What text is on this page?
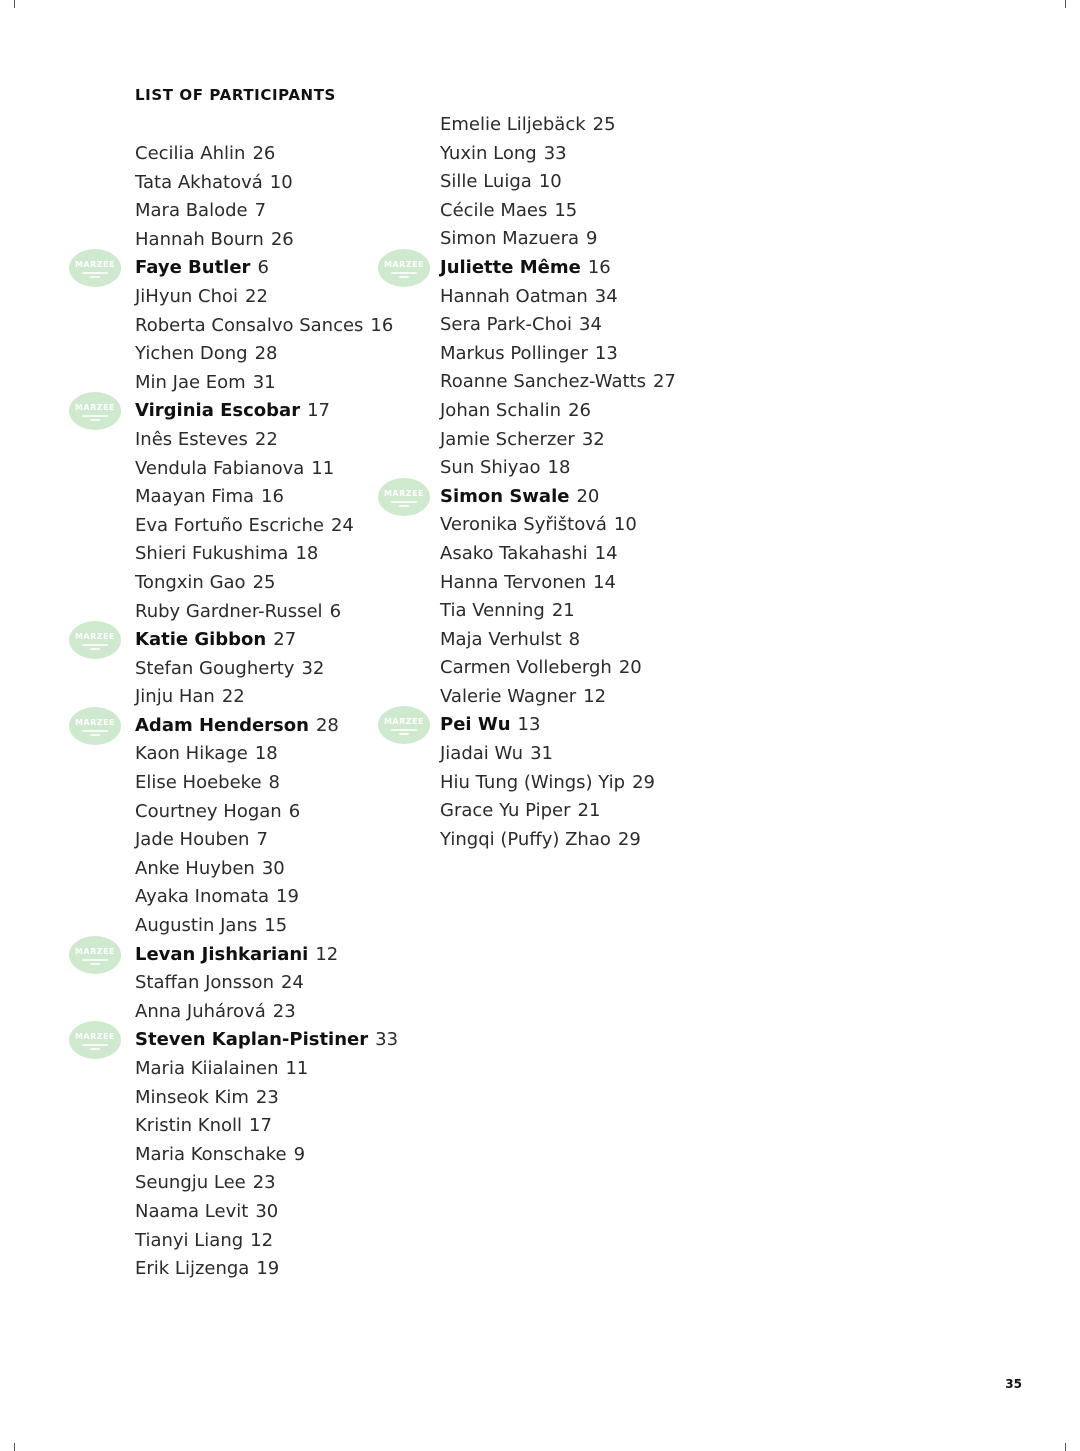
LIST OF PARTICIPANTS
Cecilia Ahlin 26
Tata Akhatová 10
Mara Balode 7
Hannah Bourn 26
MARZEE Faye Butler 6
JiHyun Choi 22
Roberta Consalvo Sances 16
Yichen Dong 28
Min Jae Eom 31
MARZEE Virginia Escobar 17
Inês Esteves 22
Vendula Fabianova 11
Maayan Fima 16
Eva Fortuño Escriche 24
Shieri Fukushima 18
Tongxin Gao 25
Ruby Gardner-Russel 6
MARZEE Katie Gibbon 27
Stefan Gougherty 32
Jinju Han 22
MARZEE Adam Henderson 28
Kaon Hikage 18
Elise Hoebeke 8
Courtney Hogan 6
Jade Houben 7
Anke Huyben 30
Ayaka Inomata 19
Augustin Jans 15
MARZEE Levan Jishkariani 12
Staffan Jonsson 24
Anna Juhárová 23
MARZEE Steven Kaplan-Pistiner 33
Maria Kiialainen 11
Minseok Kim 23
Kristin Knoll 17
Maria Konschake 9
Seungju Lee 23
Naama Levit 30
Tianyi Liang 12
Erik Lijzenga 19
Emelie Liljebäck 25
Yuxin Long 33
Sille Luiga 10
Cécile Maes 15
Simon Mazuera 9
MARZEE Juliette Même 16
Hannah Oatman 34
Sera Park-Choi 34
Markus Pollinger 13
Roanne Sanchez-Watts 27
Johan Schalin 26
Jamie Scherzer 32
Sun Shiyao 18
MARZEE Simon Swale 20
Veronika Syřištová 10
Asako Takahashi 14
Hanna Tervonen 14
Tia Venning 21
Maja Verhulst 8
Carmen Vollebergh 20
Valerie Wagner 12
MARZEE Pei Wu 13
Jiadai Wu 31
Hiu Tung (Wings) Yip 29
Grace Yu Piper 21
Yingqi (Puffy) Zhao 29
35
